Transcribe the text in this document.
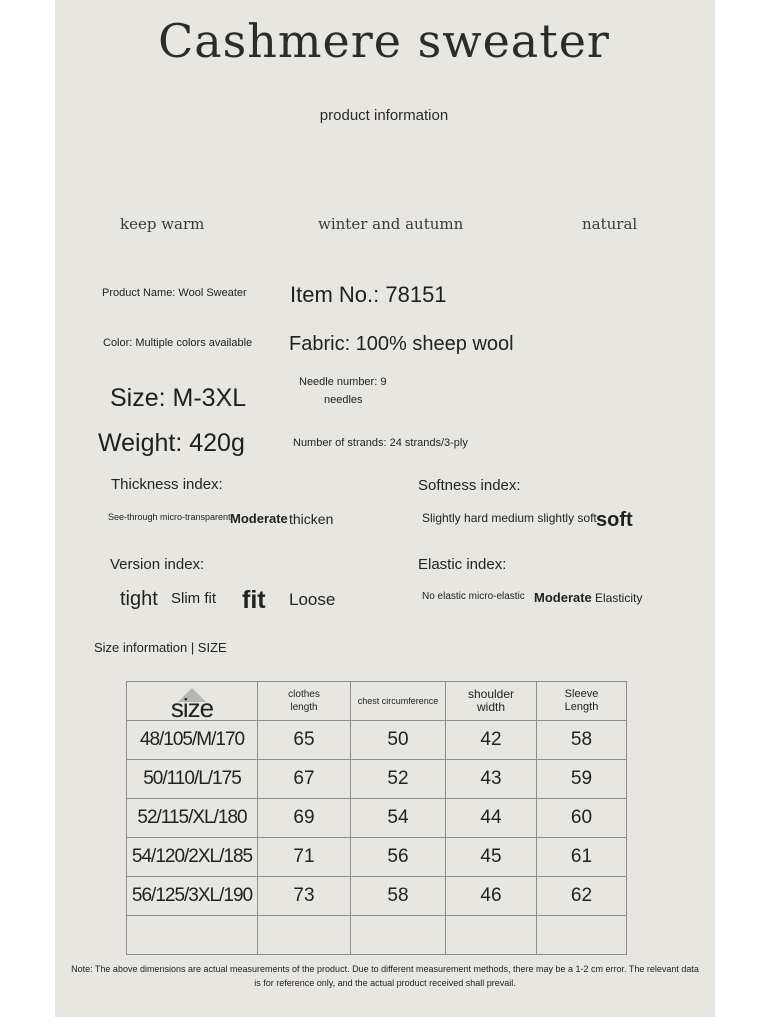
Cashmere sweater
product information
keep warm	winter and autumn	natural
Product Name: Wool Sweater Item No.: 78151
Color: Multiple colors available Fabric: 100% sheep wool
Size: M-3XL
Needle number: 9
needles
Weight: 420g	Number of strands: 24 strands/3-ply
Thickness index:
See-through micro-transparent Moderate thicken
Softness index:
Slightly hard medium slightly soft soft
Version index:
tight Slim fit fit Loose
Elastic index:
No elastic micro-elastic Moderate Elasticity
Size information | SIZE
size	clothes length	chest circumference	shoulder width	Sleeve Length

48/105/M/170	65	50	42	58
50/110/L/175	67	52	43	59
52/115/XL/180	69	54	44	60
54/120/2XL/185	71	56	45	61
56/125/3XL/190	73	58	46	62

Note: The above dimensions are actual measurements of the product. Due to different measurement methods, there may be a 1-2 cm error. The relevant data is for reference only, and the actual product received shall prevail.
